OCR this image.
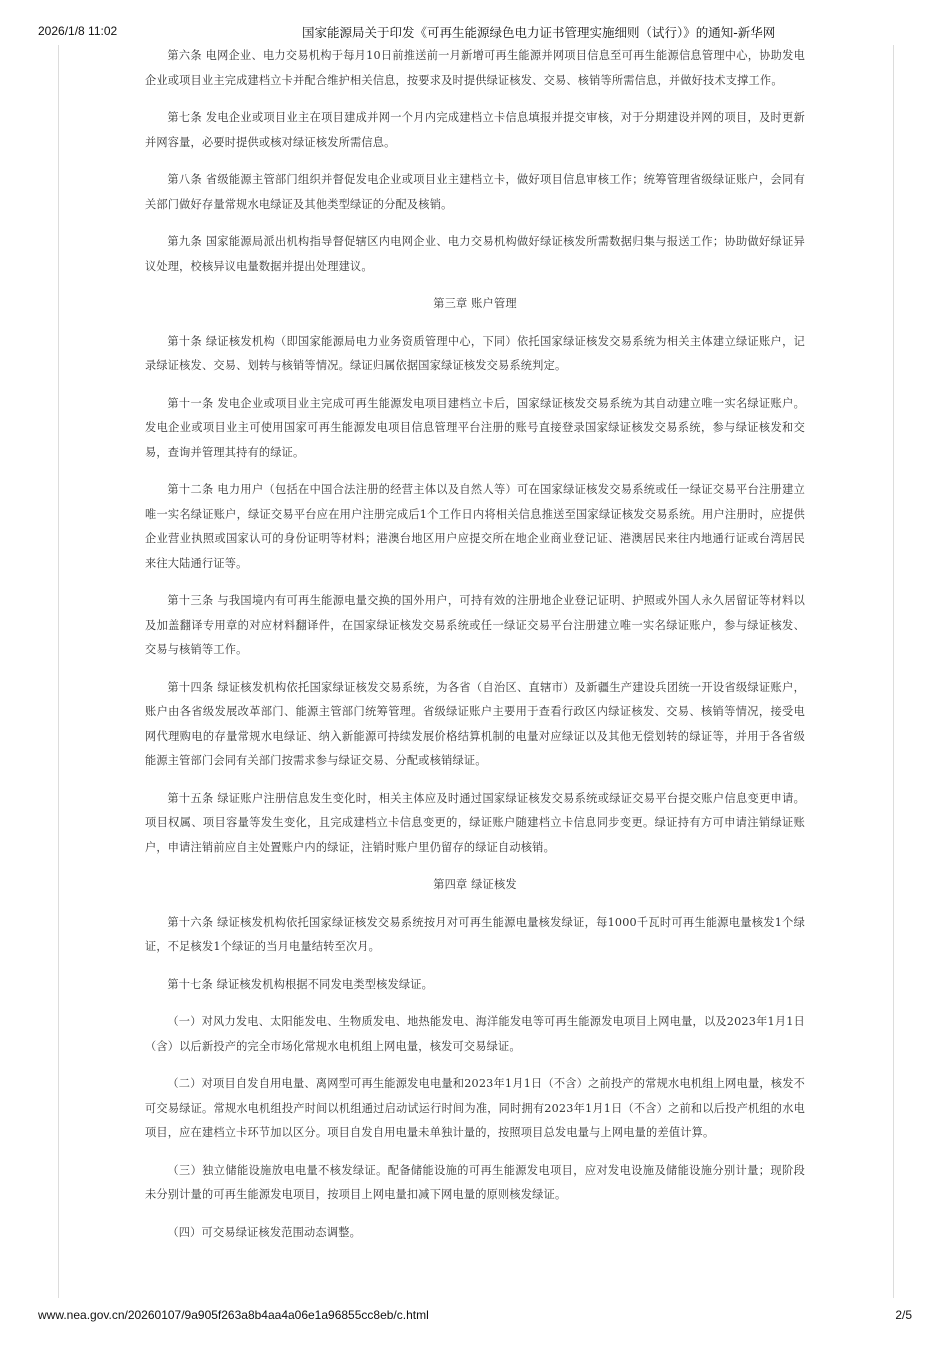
2026/1/8 11:02	国家能源局关于印发《可再生能源绿色电力证书管理实施细则（试行）》的通知-新华网

第六条 电网企业、电力交易机构于每月10日前推送前一月新增可再生能源并网项目信息至可再生能源信息管理中心，协助发电企业或项目业主完成建档立卡并配合维护相关信息，按要求及时提供绿证核发、交易、核销等所需信息，并做好技术支撑工作。

第七条 发电企业或项目业主在项目建成并网一个月内完成建档立卡信息填报并提交审核，对于分期建设并网的项目，及时更新并网容量，必要时提供或核对绿证核发所需信息。

第八条 省级能源主管部门组织并督促发电企业或项目业主建档立卡，做好项目信息审核工作；统筹管理省级绿证账户，会同有关部门做好存量常规水电绿证及其他类型绿证的分配及核销。

第九条 国家能源局派出机构指导督促辖区内电网企业、电力交易机构做好绿证核发所需数据归集与报送工作；协助做好绿证异议处理，校核异议电量数据并提出处理建议。

第三章 账户管理

第十条 绿证核发机构（即国家能源局电力业务资质管理中心，下同）依托国家绿证核发交易系统为相关主体建立绿证账户，记录绿证核发、交易、划转与核销等情况。绿证归属依据国家绿证核发交易系统判定。

第十一条 发电企业或项目业主完成可再生能源发电项目建档立卡后，国家绿证核发交易系统为其自动建立唯一实名绿证账户。发电企业或项目业主可使用国家可再生能源发电项目信息管理平台注册的账号直接登录国家绿证核发交易系统，参与绿证核发和交易，查询并管理其持有的绿证。

第十二条 电力用户（包括在中国合法注册的经营主体以及自然人等）可在国家绿证核发交易系统或任一绿证交易平台注册建立唯一实名绿证账户，绿证交易平台应在用户注册完成后1个工作日内将相关信息推送至国家绿证核发交易系统。用户注册时，应提供企业营业执照或国家认可的身份证明等材料；港澳台地区用户应提交所在地企业商业登记证、港澳居民来往内地通行证或台湾居民来往大陆通行证等。

第十三条 与我国境内有可再生能源电量交换的国外用户，可持有效的注册地企业登记证明、护照或外国人永久居留证等材料以及加盖翻译专用章的对应材料翻译件，在国家绿证核发交易系统或任一绿证交易平台注册建立唯一实名绿证账户，参与绿证核发、交易与核销等工作。

第十四条 绿证核发机构依托国家绿证核发交易系统，为各省（自治区、直辖市）及新疆生产建设兵团统一开设省级绿证账户，账户由各省级发展改革部门、能源主管部门统筹管理。省级绿证账户主要用于查看行政区内绿证核发、交易、核销等情况，接受电网代理购电的存量常规水电绿证、纳入新能源可持续发展价格结算机制的电量对应绿证以及其他无偿划转的绿证等，并用于各省级能源主管部门会同有关部门按需求参与绿证交易、分配或核销绿证。

第十五条 绿证账户注册信息发生变化时，相关主体应及时通过国家绿证核发交易系统或绿证交易平台提交账户信息变更申请。项目权属、项目容量等发生变化，且完成建档立卡信息变更的，绿证账户随建档立卡信息同步变更。绿证持有方可申请注销绿证账户，申请注销前应自主处置账户内的绿证，注销时账户里仍留存的绿证自动核销。

第四章 绿证核发

第十六条 绿证核发机构依托国家绿证核发交易系统按月对可再生能源电量核发绿证，每1000千瓦时可再生能源电量核发1个绿证，不足核发1个绿证的当月电量结转至次月。

第十七条 绿证核发机构根据不同发电类型核发绿证。

（一）对风力发电、太阳能发电、生物质发电、地热能发电、海洋能发电等可再生能源发电项目上网电量，以及2023年1月1日（含）以后新投产的完全市场化常规水电机组上网电量，核发可交易绿证。

（二）对项目自发自用电量、离网型可再生能源发电电量和2023年1月1日（不含）之前投产的常规水电机组上网电量，核发不可交易绿证。常规水电机组投产时间以机组通过启动试运行时间为准，同时拥有2023年1月1日（不含）之前和以后投产机组的水电项目，应在建档立卡环节加以区分。项目自发自用电量未单独计量的，按照项目总发电量与上网电量的差值计算。

（三）独立储能设施放电电量不核发绿证。配备储能设施的可再生能源发电项目，应对发电设施及储能设施分别计量；现阶段未分别计量的可再生能源发电项目，按项目上网电量扣减下网电量的原则核发绿证。

（四）可交易绿证核发范围动态调整。

www.nea.gov.cn/20260107/9a905f263a8b4aa4a06e1a96855cc8eb/c.html	2/5
